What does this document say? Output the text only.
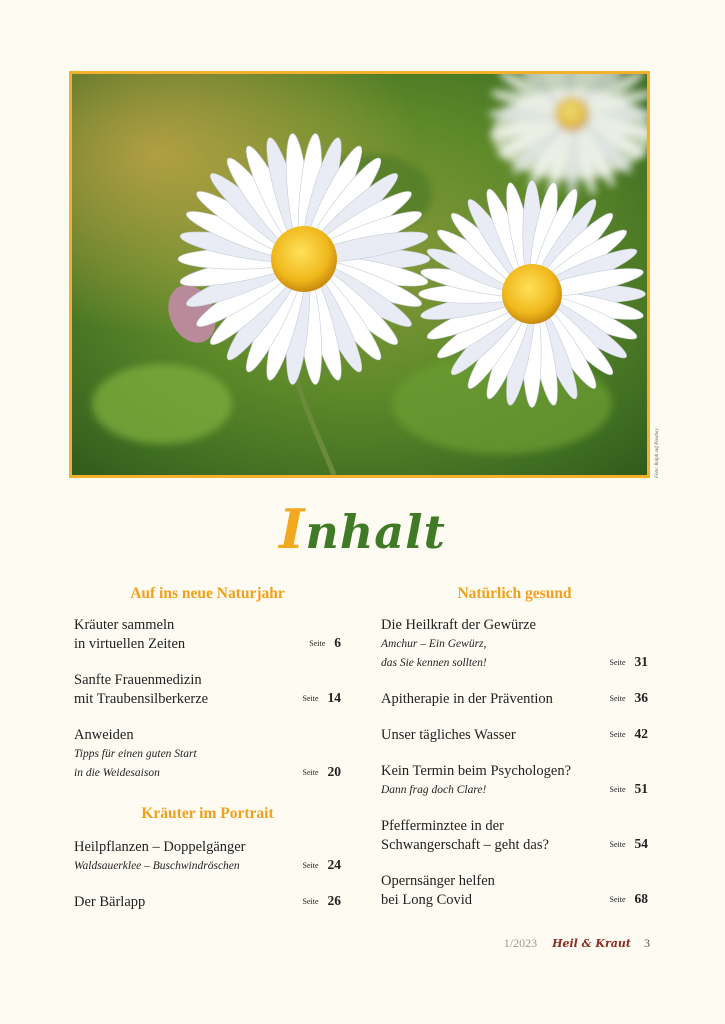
Foto: Ralph auf Pixabay
Inhalt
Auf ins neue Naturjahr
Kräuter sammeln
in virtuellen Zeiten	Seite 6
Sanfte Frauenmedizin
mit Traubensilberkerze	Seite 14
Anweiden
Tipps für einen guten Start
in die Weidesaison	Seite 20
Kräuter im Portrait
Heilpflanzen – Doppelgänger
Waldsauerklee – Buschwindröschen	Seite 24
Der Bärlapp	Seite 26
Natürlich gesund
Die Heilkraft der Gewürze
Amchur – Ein Gewürz,
das Sie kennen sollten!	Seite 31
Apitherapie in der Prävention	Seite 36
Unser tägliches Wasser	Seite 42
Kein Termin beim Psychologen?
Dann frag doch Clare!	Seite 51
Pfefferminztee in der
Schwangerschaft – geht das?	Seite 54
Opernsänger helfen
bei Long Covid	Seite 68
1/2023 Heil & Kraut 3
